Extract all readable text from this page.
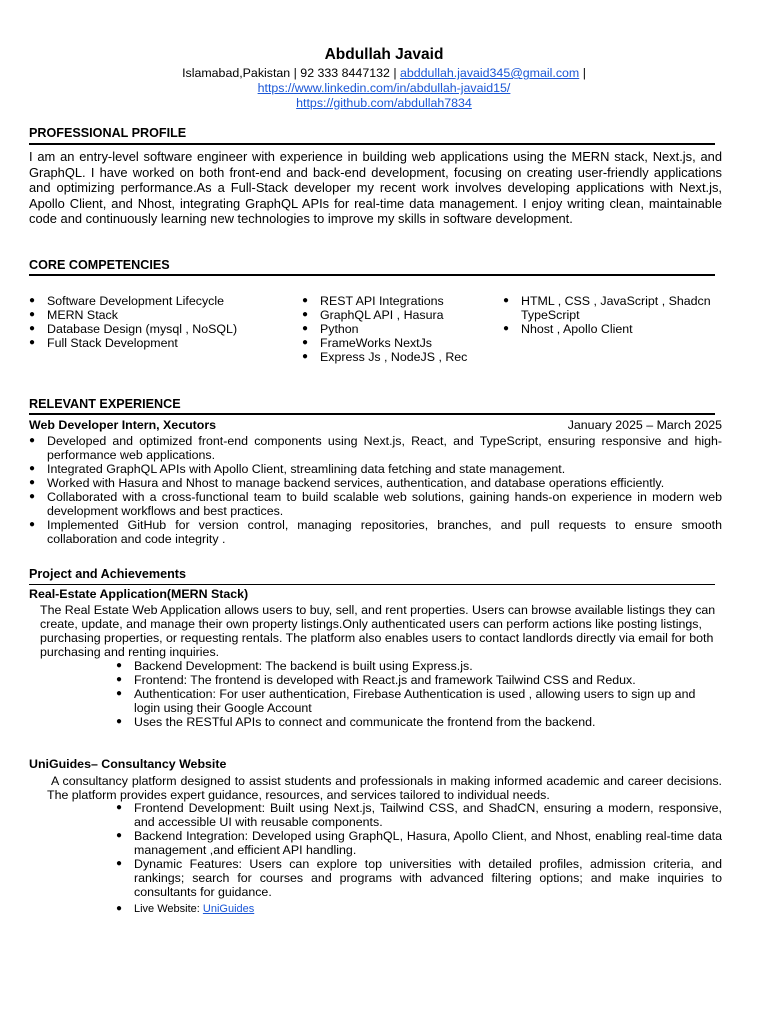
Abdullah Javaid
Islamabad,Pakistan | 92 333 8447132 | abddullah.javaid345@gmail.com |
https://www.linkedin.com/in/abdullah-javaid15/
https://github.com/abdullah7834
PROFESSIONAL PROFILE
I am an entry-level software engineer with experience in building web applications using the MERN stack, Next.js, and GraphQL. I have worked on both front-end and back-end development, focusing on creating user-friendly applications and optimizing performance.As a Full-Stack developer my recent work involves developing applications with Next.js, Apollo Client, and Nhost, integrating GraphQL APIs for real-time data management. I enjoy writing clean, maintainable code and continuously learning new technologies to improve my skills in software development.
CORE COMPETENCIES
● Software Development Lifecycle
● MERN Stack
● Database Design (mysql , NoSQL)
● Full Stack Development
● REST API Integrations
● GraphQL API , Hasura
● Python
● FrameWorks NextJs
● Express Js , NodeJS , Rec
● HTML , CSS , JavaScript , Shadcn TypeScript
● Nhost , Apollo Client
RELEVANT EXPERIENCE
Web Developer Intern, Xecutors	January 2025 – March 2025
● Developed and optimized front-end components using Next.js, React, and TypeScript, ensuring responsive and high-performance web applications.
● Integrated GraphQL APIs with Apollo Client, streamlining data fetching and state management.
● Worked with Hasura and Nhost to manage backend services, authentication, and database operations efficiently.
● Collaborated with a cross-functional team to build scalable web solutions, gaining hands-on experience in modern web development workflows and best practices.
● Implemented GitHub for version control, managing repositories, branches, and pull requests to ensure smooth collaboration and code integrity .
Project and Achievements
Real-Estate Application(MERN Stack)
The Real Estate Web Application allows users to buy, sell, and rent properties. Users can browse available listings they can create, update, and manage their own property listings.Only authenticated users can perform actions like posting listings, purchasing properties, or requesting rentals. The platform also enables users to contact landlords directly via email for both purchasing and renting inquiries.
● Backend Development: The backend is built using Express.js.
● Frontend: The frontend is developed with React.js and framework Tailwind CSS and Redux.
● Authentication: For user authentication, Firebase Authentication is used , allowing users to sign up and login using their Google Account
● Uses the RESTful APIs to connect and communicate the frontend from the backend.
UniGuides– Consultancy Website
A consultancy platform designed to assist students and professionals in making informed academic and career decisions. The platform provides expert guidance, resources, and services tailored to individual needs.
● Frontend Development: Built using Next.js, Tailwind CSS, and ShadCN, ensuring a modern, responsive, and accessible UI with reusable components.
● Backend Integration: Developed using GraphQL, Hasura, Apollo Client, and Nhost, enabling real-time data management ,and efficient API handling.
● Dynamic Features: Users can explore top universities with detailed profiles, admission criteria, and rankings; search for courses and programs with advanced filtering options; and make inquiries to consultants for guidance.
● Live Website: UniGuides
